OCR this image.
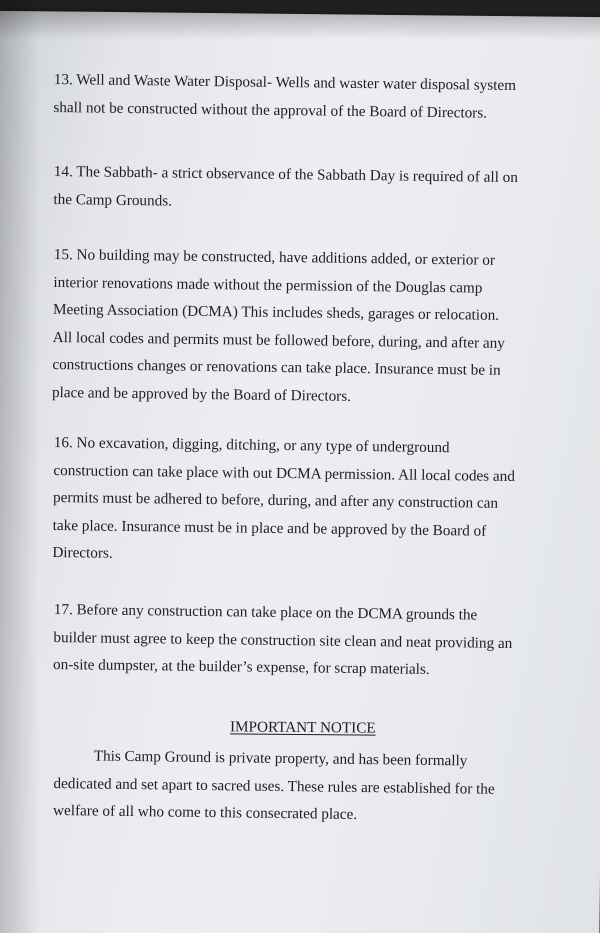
13. Well and Waste Water Disposal- Wells and waster water disposal system
shall not be constructed without the approval of the Board of Directors.
14. The Sabbath- a strict observance of the Sabbath Day is required of all on
the Camp Grounds.
15. No building may be constructed, have additions added, or exterior or
interior renovations made without the permission of the Douglas camp
Meeting Association (DCMA) This includes sheds, garages or relocation.
All local codes and permits must be followed before, during, and after any
constructions changes or renovations can take place. Insurance must be in
place and be approved by the Board of Directors.
16. No excavation, digging, ditching, or any type of underground
construction can take place with out DCMA permission. All local codes and
permits must be adhered to before, during, and after any construction can
take place. Insurance must be in place and be approved by the Board of
Directors.
17. Before any construction can take place on the DCMA grounds the
builder must agree to keep the construction site clean and neat providing an
on-site dumpster, at the builder’s expense, for scrap materials.
IMPORTANT NOTICE
This Camp Ground is private property, and has been formally
dedicated and set apart to sacred uses. These rules are established for the
welfare of all who come to this consecrated place.
